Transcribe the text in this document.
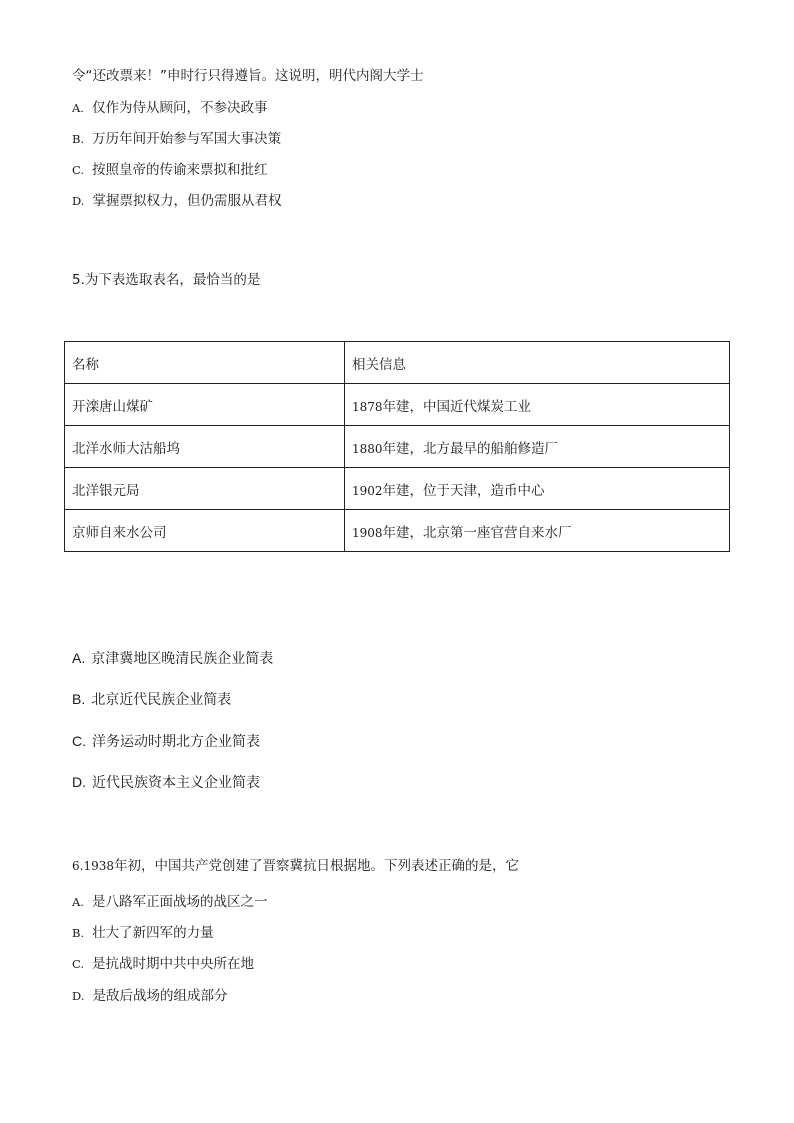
令“还改票来！”申时行只得遵旨。这说明，明代内阁大学士
A. 仅作为侍从顾问，不参决政事
B. 万历年间开始参与军国大事决策
C. 按照皇帝的传谕来票拟和批红
D. 掌握票拟权力，但仍需服从君权
5.为下表选取表名，最恰当的是
名称	相关信息
开滦唐山煤矿	1878年建，中国近代煤炭工业
北洋水师大沽船坞	1880年建，北方最早的船舶修造厂
北洋银元局	1902年建，位于天津，造币中心
京师自来水公司	1908年建，北京第一座官营自来水厂
A. 京津冀地区晚清民族企业简表
B. 北京近代民族企业简表
C. 洋务运动时期北方企业简表
D. 近代民族资本主义企业简表
6.1938年初，中国共产党创建了晋察冀抗日根据地。下列表述正确的是，它
A. 是八路军正面战场的战区之一
B. 壮大了新四军的力量
C. 是抗战时期中共中央所在地
D. 是敌后战场的组成部分
